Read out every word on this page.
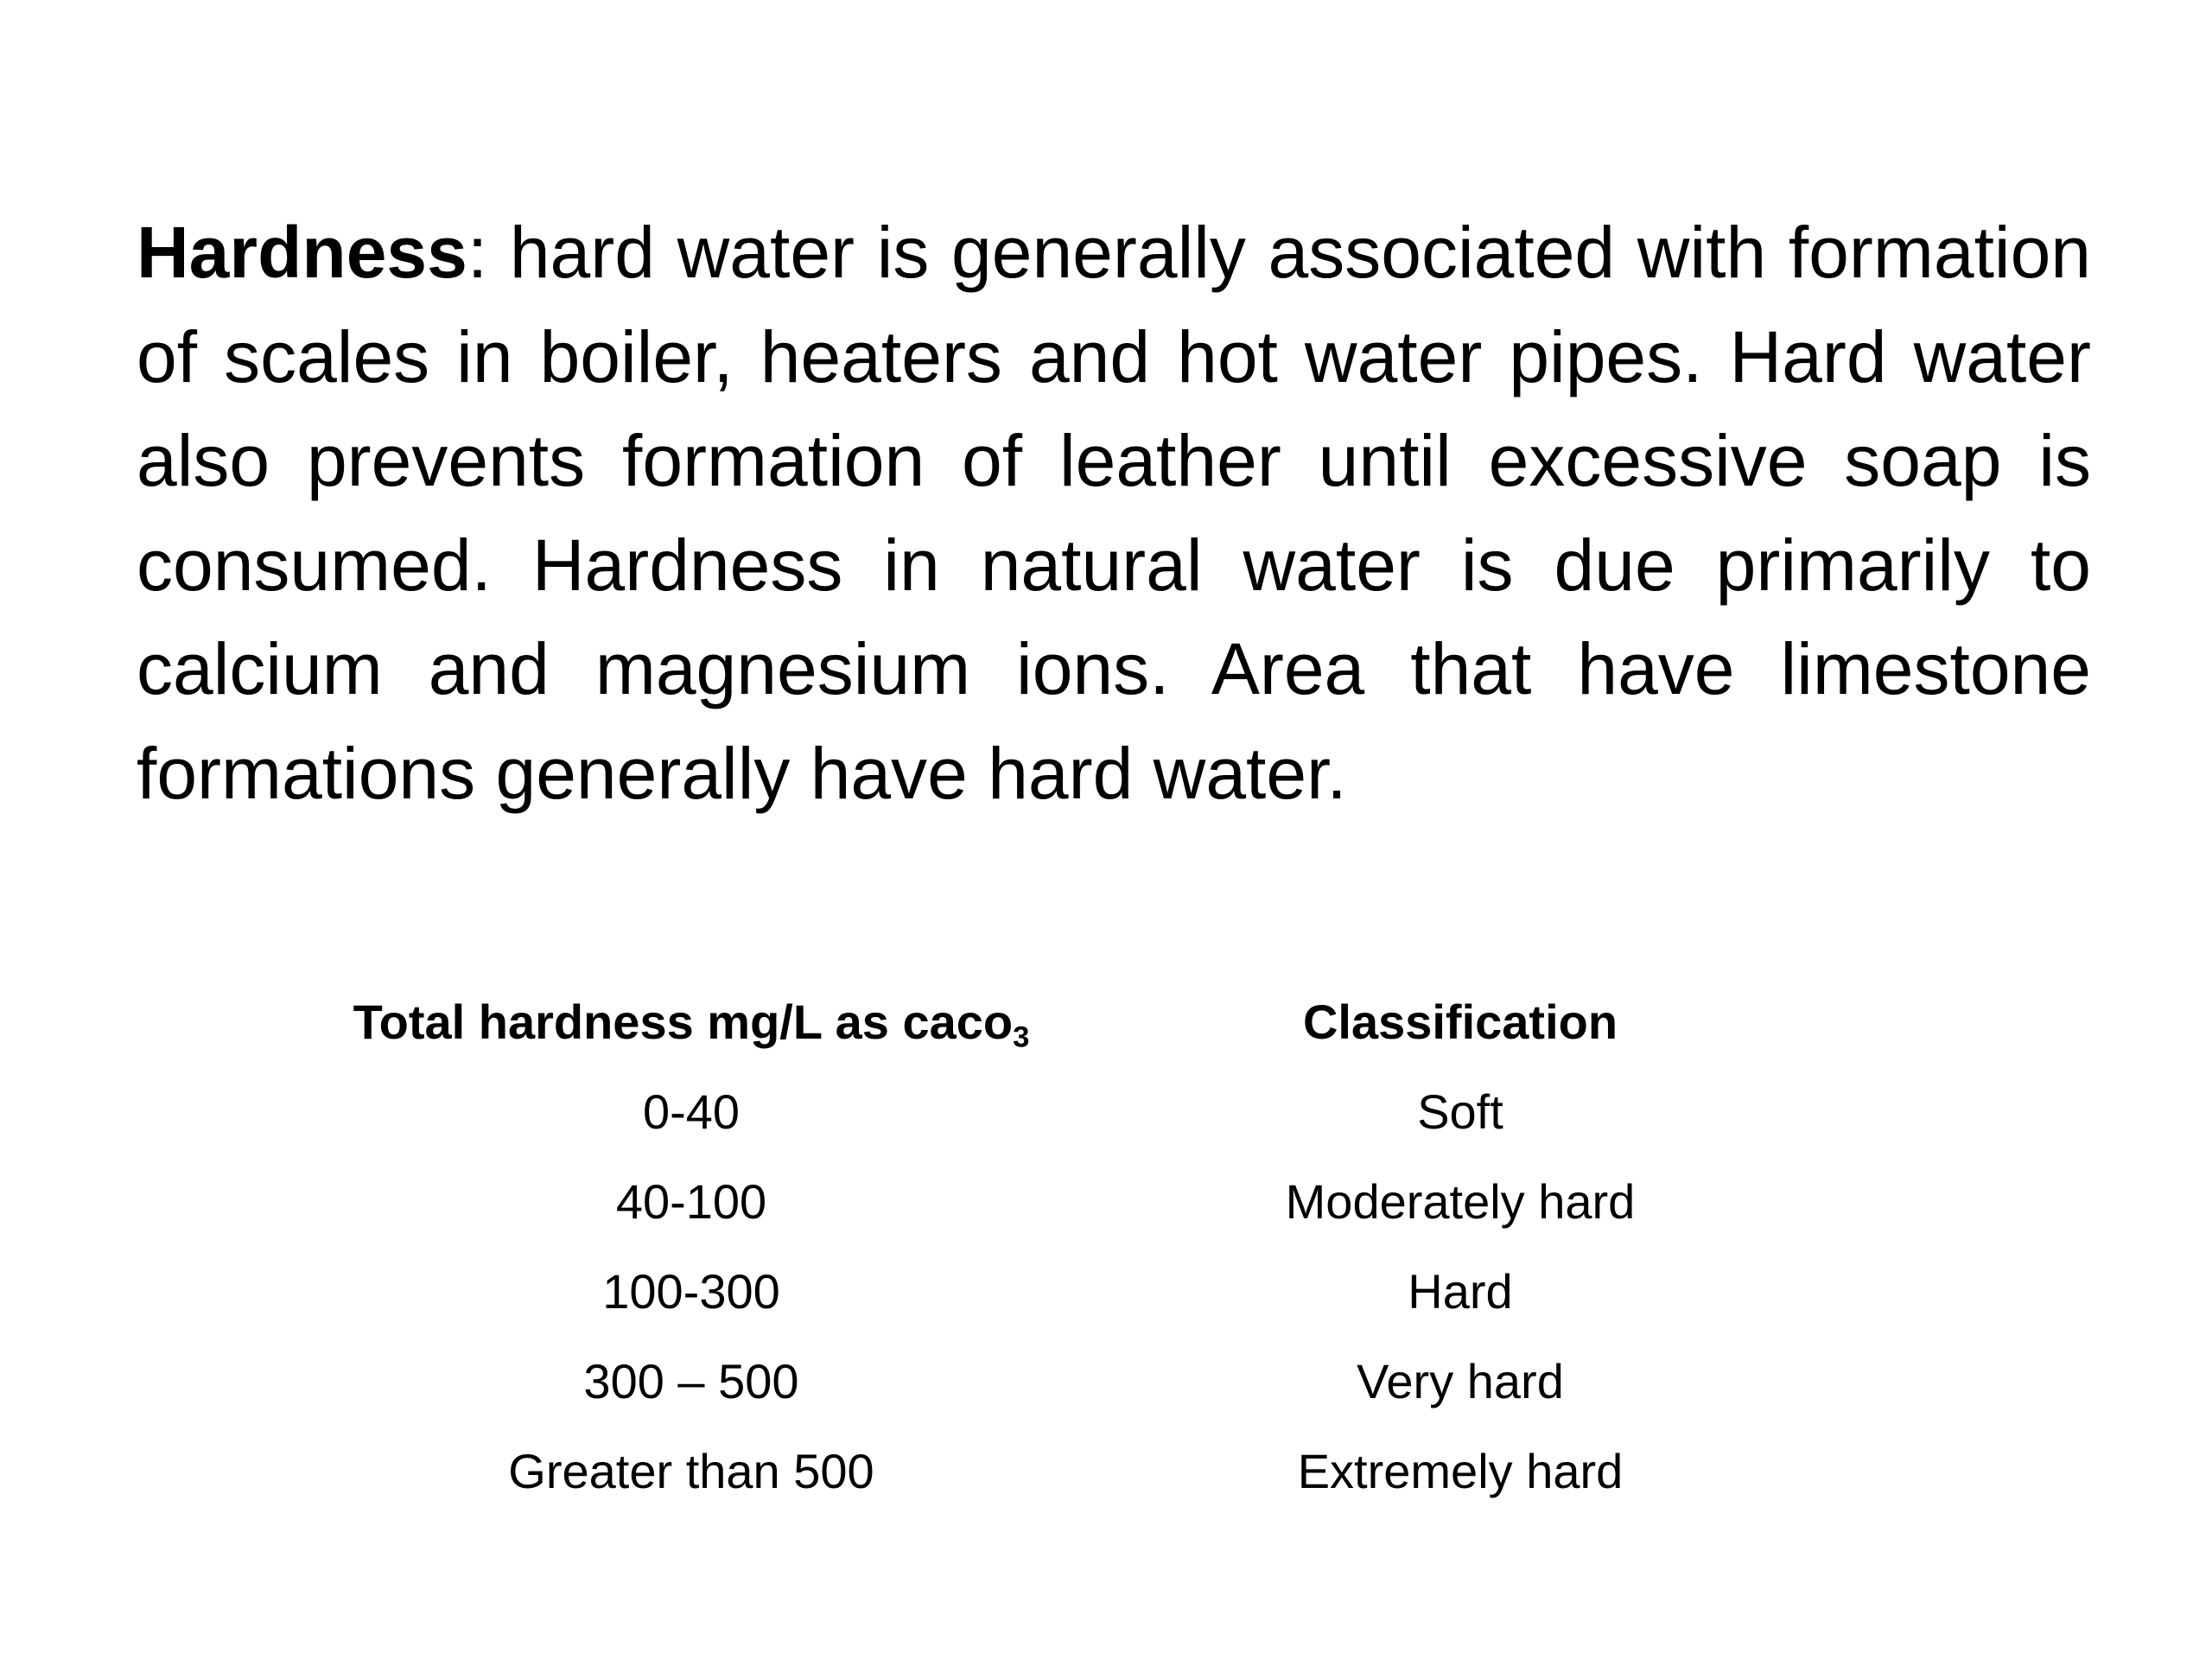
Hardness: hard water is generally associated with formation of scales in boiler, heaters and hot water pipes. Hard water also prevents formation of leather until excessive soap is consumed. Hardness in natural water is due primarily to calcium and magnesium ions. Area that have limestone formations generally have hard water.

	Total hardness mg/L as caco$_3$	Classification	
	0-40	Soft	
	40-100	Moderately hard	
	100-300	Hard	
	300 – 500	Very hard	
	Greater than 500	Extremely hard	
